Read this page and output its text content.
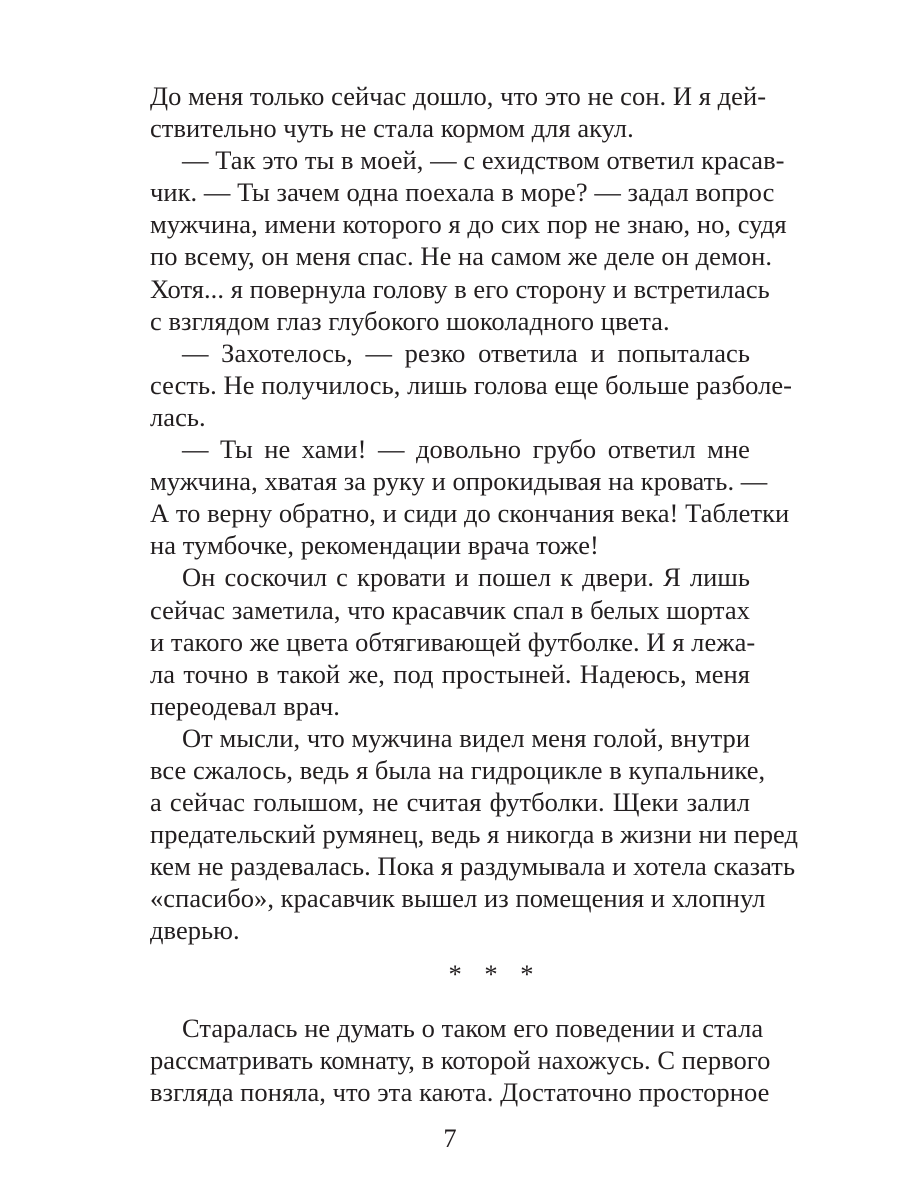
До меня только сейчас дошло, что это не сон. И я дей-
ствительно чуть не стала кормом для акул.
— Так это ты в моей, — с ехидством ответил красав-
чик. — Ты зачем одна поехала в море? — задал вопрос
мужчина, имени которого я до сих пор не знаю, но, судя
по всему, он меня спас. Не на самом же деле он демон.
Хотя... я повернула голову в его сторону и встретилась
с взглядом глаз глубокого шоколадного цвета.
— Захотелось, — резко ответила и попыталась
сесть. Не получилось, лишь голова еще больше разболе-
лась.
— Ты не хами! — довольно грубо ответил мне
мужчина, хватая за руку и опрокидывая на кровать. —
А то верну обратно, и сиди до скончания века! Таблетки
на тумбочке, рекомендации врача тоже!
Он соскочил с кровати и пошел к двери. Я лишь
сейчас заметила, что красавчик спал в белых шортах
и такого же цвета обтягивающей футболке. И я лежа-
ла точно в такой же, под простыней. Надеюсь, меня
переодевал врач.
От мысли, что мужчина видел меня голой, внутри
все сжалось, ведь я была на гидроцикле в купальнике,
а сейчас голышом, не считая футболки. Щеки залил
предательский румянец, ведь я никогда в жизни ни перед
кем не раздевалась. Пока я раздумывала и хотела сказать
«спасибо», красавчик вышел из помещения и хлопнул
дверью.
* * *
Старалась не думать о таком его поведении и стала
рассматривать комнату, в которой нахожусь. С первого
взгляда поняла, что эта каюта. Достаточно просторное
7
